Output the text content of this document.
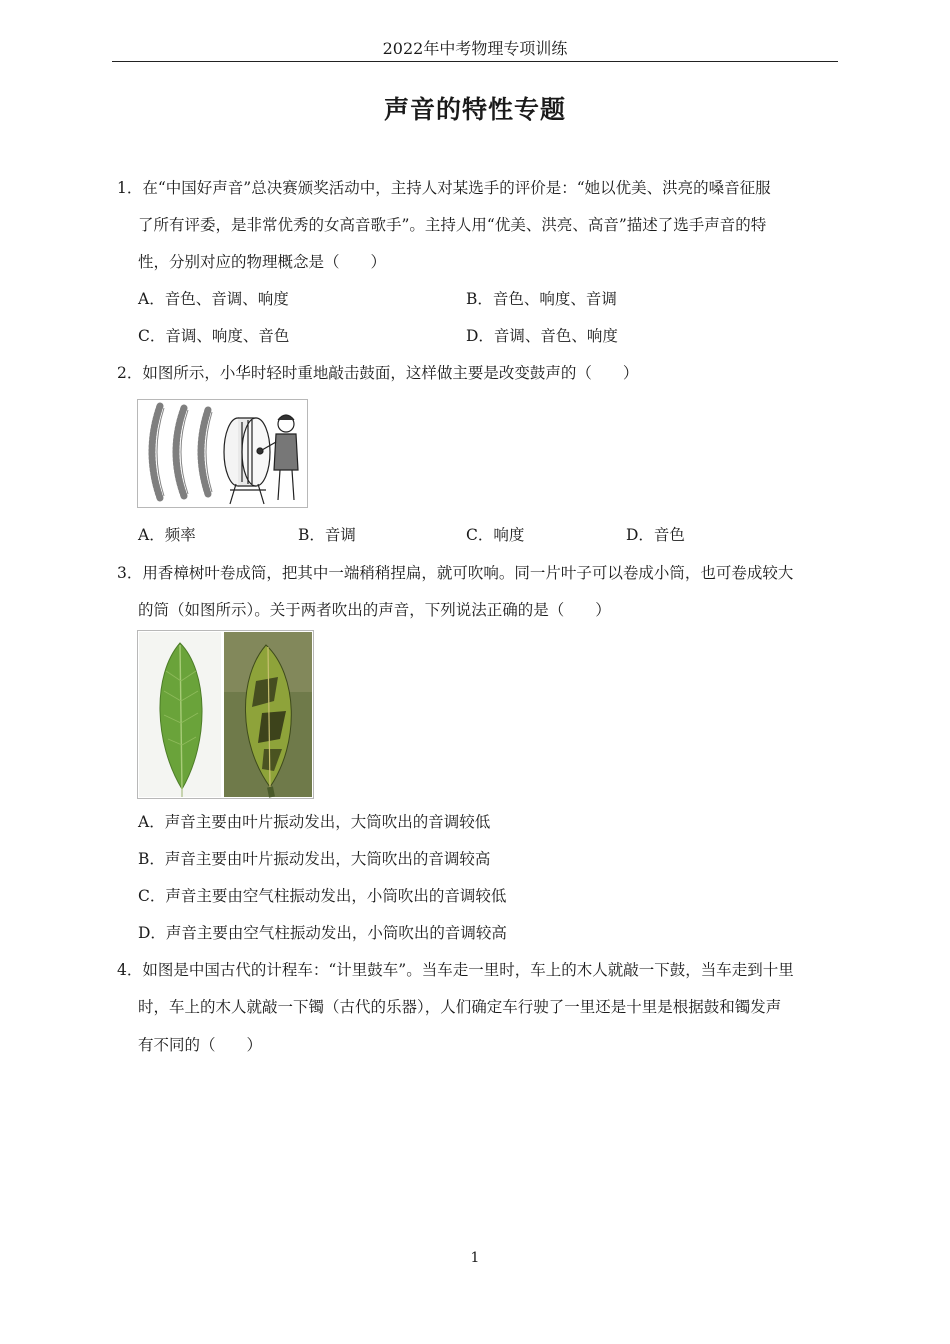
2022年中考物理专项训练
声音的特性专题
1．在“中国好声音”总决赛颁奖活动中，主持人对某选手的评价是：“她以优美、洪亮的嗓音征服
了所有评委，是非常优秀的女高音歌手”。主持人用“优美、洪亮、高音”描述了选手声音的特
性，分别对应的物理概念是（　　）
A．音色、音调、响度	B．音色、响度、音调
C．音调、响度、音色	D．音调、音色、响度
2．如图所示，小华时轻时重地敲击鼓面，这样做主要是改变鼓声的（　　）
A．频率	B．音调	C．响度	D．音色
3．用香樟树叶卷成筒，把其中一端稍稍捏扁，就可吹响。同一片叶子可以卷成小筒，也可卷成较大
的筒（如图所示）。关于两者吹出的声音，下列说法正确的是（　　）
A．声音主要由叶片振动发出，大筒吹出的音调较低
B．声音主要由叶片振动发出，大筒吹出的音调较高
C．声音主要由空气柱振动发出，小筒吹出的音调较低
D．声音主要由空气柱振动发出，小筒吹出的音调较高
4．如图是中国古代的计程车：“计里鼓车”。当车走一里时，车上的木人就敲一下鼓，当车走到十里
时，车上的木人就敲一下镯（古代的乐器），人们确定车行驶了一里还是十里是根据鼓和镯发声
有不同的（　　）
1
